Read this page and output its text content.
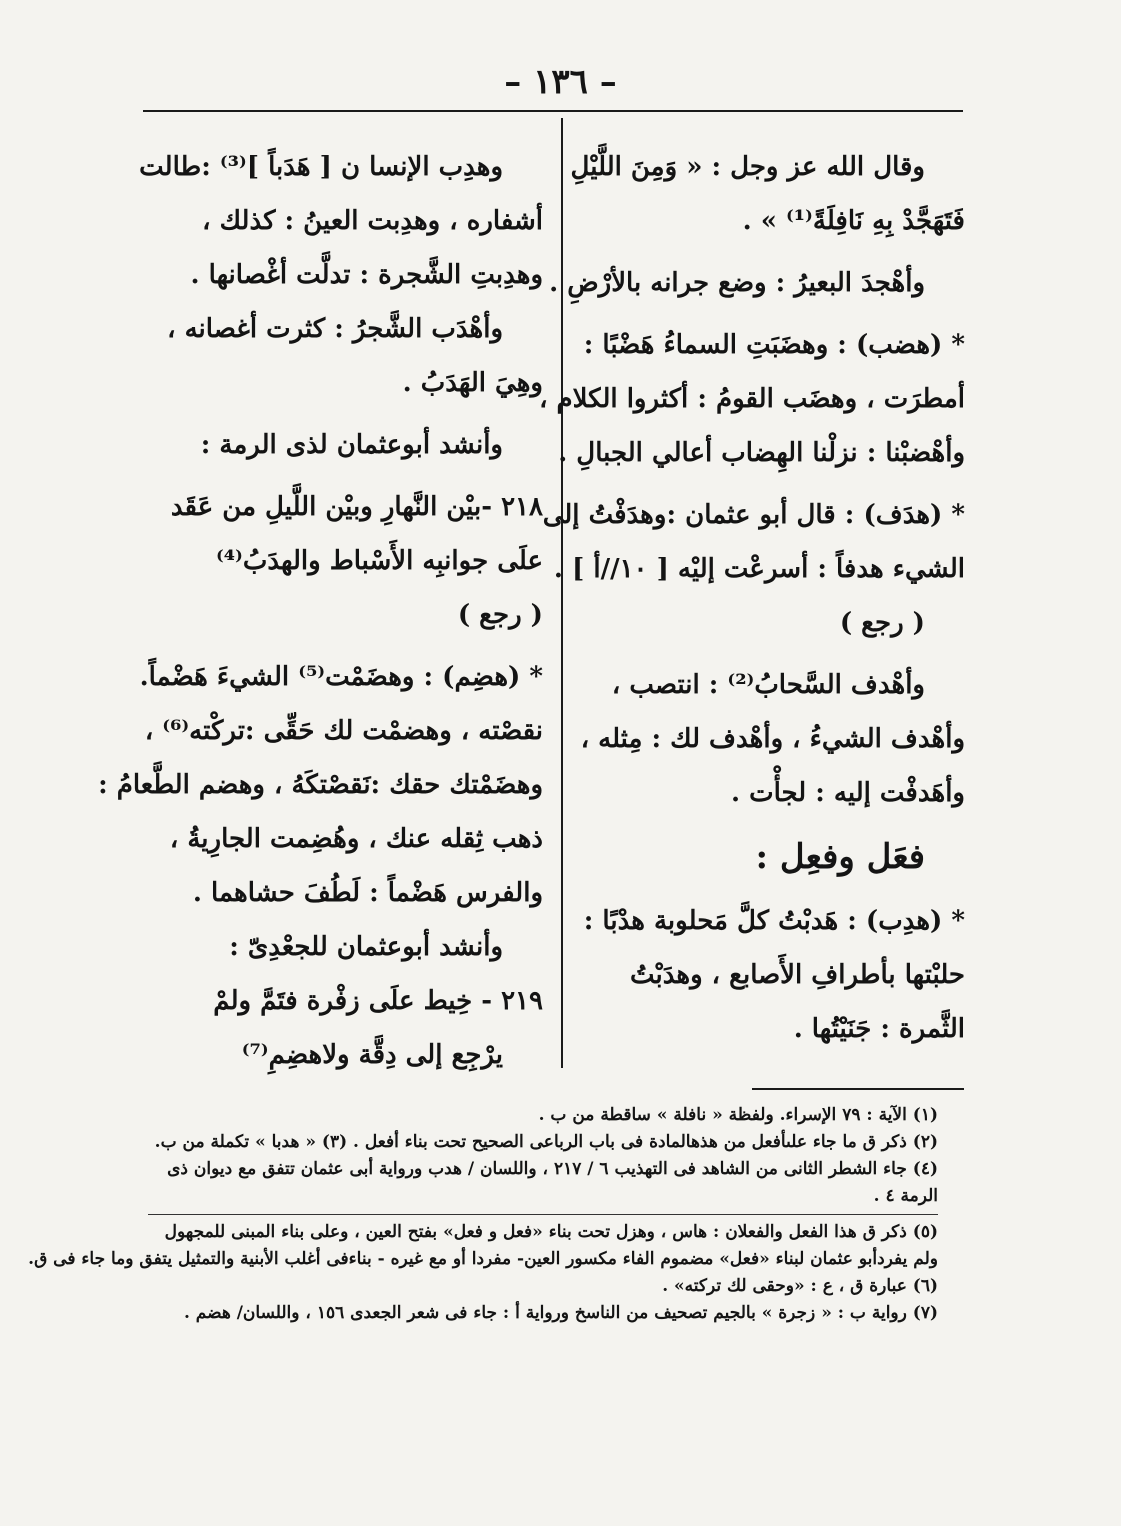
– ١٣٦ –

وقال الله عز وجل : « وَمِنَ اللَّيْلِ

فَتَهَجَّدْ بِهِ نَافِلَةً⁽¹⁾ » .

وأهْجدَ البعيرُ : وضع جرانه بالأرْضِ .

* (هضب) : وهضَبَتِ السماءُ هَضْبًا :

أمطرَت ، وهضَب القومُ : أكثروا الكلام ،

وأهْضبْنا : نزلْنا الهِضاب أعالي الجبالِ .

* (هدَف) : قال أبو عثمان :وهدَفْتُ إلى

الشيء هدفاً : أسرعْت إليْه [ ١٠//أ ] .

( رجع )

وأهْدف السَّحابُ⁽²⁾ : انتصب ،

وأهْدف الشيءُ ، وأهْدف لك : مِثله ،

وأهَدفْت إليه : لجأْت .

فعَل وفعِل :

* (هدِب) : هَدبْتُ كلَّ مَحلوبة هدْبًا :

حلبْتها بأطرافِ الأَصابع ، وهدَبْتُ

الثَّمرة : جَنَيْتُها .

وهدِب الإنسا ن [ هَدَباً ]⁽³⁾ :طالت

أشفاره ، وهدِبت العينُ : كذلك ،

وهدِبتِ الشَّجرة : تدلَّت أغْصانها .

وأهْدَب الشَّجرُ : كثرت أغصانه ،

وهِيَ الهَدَبُ .

وأنشد أبوعثمان لذى الرمة :

٢١٨ -بيْن النَّهارِ وبيْن اللَّيلِ من عَقَد

علَى جوانبِه الأَسْباط والهدَبُ⁽⁴⁾

( رجع )

* (هضِم) : وهضَمْت⁽⁵⁾ الشيءَ هَضْماً.

نقصْته ، وهضمْت لك حَقِّى :تركْته⁽⁶⁾ ،

وهضَمْتك حقك :نَقصْتكَهُ ، وهضم الطَّعامُ :

ذهب ثِقله عنك ، وهُضِمت الجارِيةُ ،

والفرس هَضْماً : لَطُفَ حشاهما .

وأنشد أبوعثمان للجعْدِىّ :

٢١٩ - خِيط علَى زفْرة فتَمَّ ولمْ

يرْجِع إلى دِقَّة ولاهضِمِ⁽⁷⁾

(١) الآية : ٧٩ الإسراء. ولفظة « نافلة » ساقطة من ب .

(٢) ذكر ق ما جاء علىأفعل من هذهالمادة فى باب الرباعى الصحيح تحت بناء أفعل . (٣) « هدبا » تكملة من ب.

(٤) جاء الشطر الثانى من الشاهد فى التهذيب ٦ / ٢١٧ ، واللسان / هدب ورواية أبى عثمان تتفق مع ديوان ذى

الرمة ٤ .

(٥) ذكر ق هذا الفعل والفعلان : هاس ، وهزل تحت بناء «فعل و فعل» بفتح العين ، وعلى بناء المبنى للمجهول

ولم يفردأبو عثمان لبناء «فعل» مضموم الفاء مكسور العين- مفردا أو مع غيره - بناءفى أغلب الأبنية والتمثيل يتفق وما جاء فى ق.

(٦) عبارة ق ، ع : «وحقى لك تركته» .

(٧) رواية ب : « زجرة » بالجيم تصحيف من الناسخ ورواية أ : جاء فى شعر الجعدى ١٥٦ ، واللسان/ هضم .
